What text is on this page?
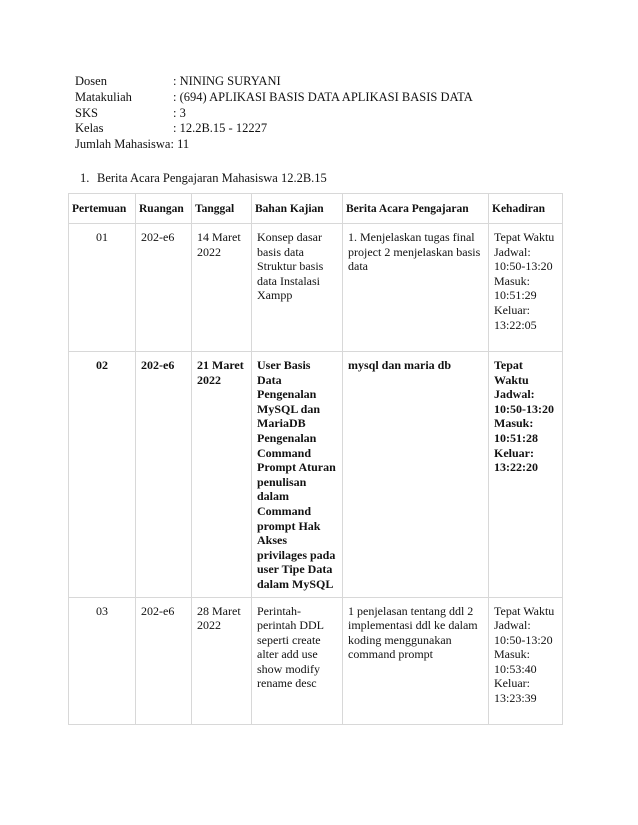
Dosen	: NINING SURYANI
Matakuliah	: (694) APLIKASI BASIS DATA APLIKASI BASIS DATA
SKS	: 3
Kelas	: 12.2B.15 - 12227
Jumlah Mahasiswa : 11
1. Berita Acara Pengajaran Mahasiswa 12.2B.15
Pertemuan	Ruangan	Tanggal	Bahan Kajian	Berita Acara Pengajaran	Kehadiran
01	202-e6	14 Maret 2022	Konsep dasar basis data Struktur basis data Instalasi Xampp	1. Menjelaskan tugas final project 2 menjelaskan basis data	Tepat Waktu Jadwal: 10:50-13:20 Masuk: 10:51:29 Keluar: 13:22:05
02	202-e6	21 Maret 2022	User Basis Data Pengenalan MySQL dan MariaDB Pengenalan Command Prompt Aturan penulisan dalam Command prompt Hak Akses privilages pada user Tipe Data dalam MySQL	mysql dan maria db	Tepat Waktu Jadwal: 10:50-13:20 Masuk: 10:51:28 Keluar: 13:22:20
03	202-e6	28 Maret 2022	Perintah-perintah DDL seperti create alter add use show modify rename desc	1 penjelasan tentang ddl 2 implementasi ddl ke dalam koding menggunakan command prompt	Tepat Waktu Jadwal: 10:50-13:20 Masuk: 10:53:40 Keluar: 13:23:39
